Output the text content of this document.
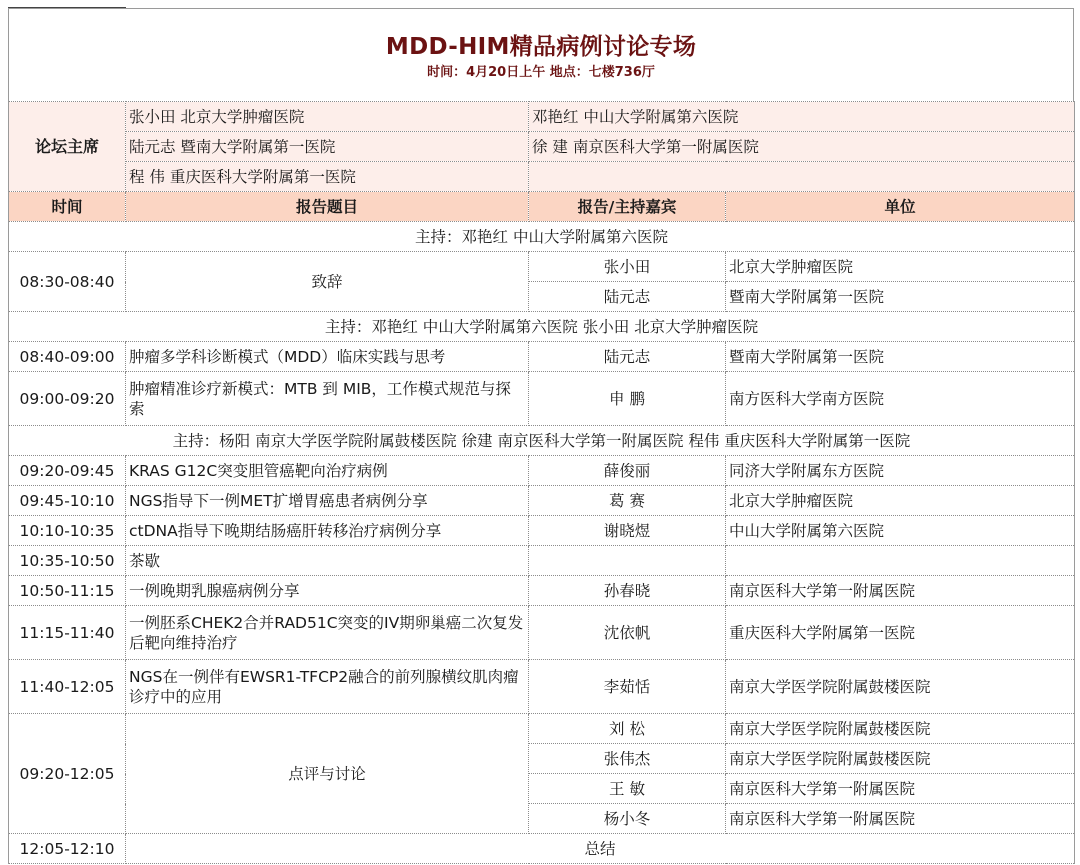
MDD-HIM精品病例讨论专场
时间：4月20日上午 地点：七楼736厅
论坛主席	张小田 北京大学肿瘤医院	邓艳红 中山大学附属第六医院	
	陆元志 暨南大学附属第一医院	徐 建 南京医科大学第一附属医院	
	程 伟 重庆医科大学附属第一医院		
时间	报告题目	报告/主持嘉宾	单位
主持：邓艳红 中山大学附属第六医院			
08:30-08:40	致辞	张小田	北京大学肿瘤医院
		陆元志	暨南大学附属第一医院
主持：邓艳红 中山大学附属第六医院 张小田 北京大学肿瘤医院			
08:40-09:00	肿瘤多学科诊断模式（MDD）临床实践与思考	陆元志	暨南大学附属第一医院
09:00-09:20	肿瘤精准诊疗新模式：MTB 到 MIB，工作模式规范与探索	申 鹏	南方医科大学南方医院
主持：杨阳 南京大学医学院附属鼓楼医院 徐建 南京医科大学第一附属医院 程伟 重庆医科大学附属第一医院			
09:20-09:45	KRAS G12C突变胆管癌靶向治疗病例	薛俊丽	同济大学附属东方医院
09:45-10:10	NGS指导下一例MET扩增胃癌患者病例分享	葛 赛	北京大学肿瘤医院
10:10-10:35	ctDNA指导下晚期结肠癌肝转移治疗病例分享	谢晓煜	中山大学附属第六医院
10:35-10:50	茶歇		
10:50-11:15	一例晚期乳腺癌病例分享	孙春晓	南京医科大学第一附属医院
11:15-11:40	一例胚系CHEK2合并RAD51C突变的IV期卵巢癌二次复发后靶向维持治疗	沈依帆	重庆医科大学附属第一医院
11:40-12:05	NGS在一例伴有EWSR1-TFCP2融合的前列腺横纹肌肉瘤诊疗中的应用	李茹恬	南京大学医学院附属鼓楼医院
09:20-12:05	点评与讨论	刘 松	南京大学医学院附属鼓楼医院
		张伟杰	南京大学医学院附属鼓楼医院
		王 敏	南京医科大学第一附属医院
		杨小冬	南京医科大学第一附属医院
12:05-12:10	总结		
